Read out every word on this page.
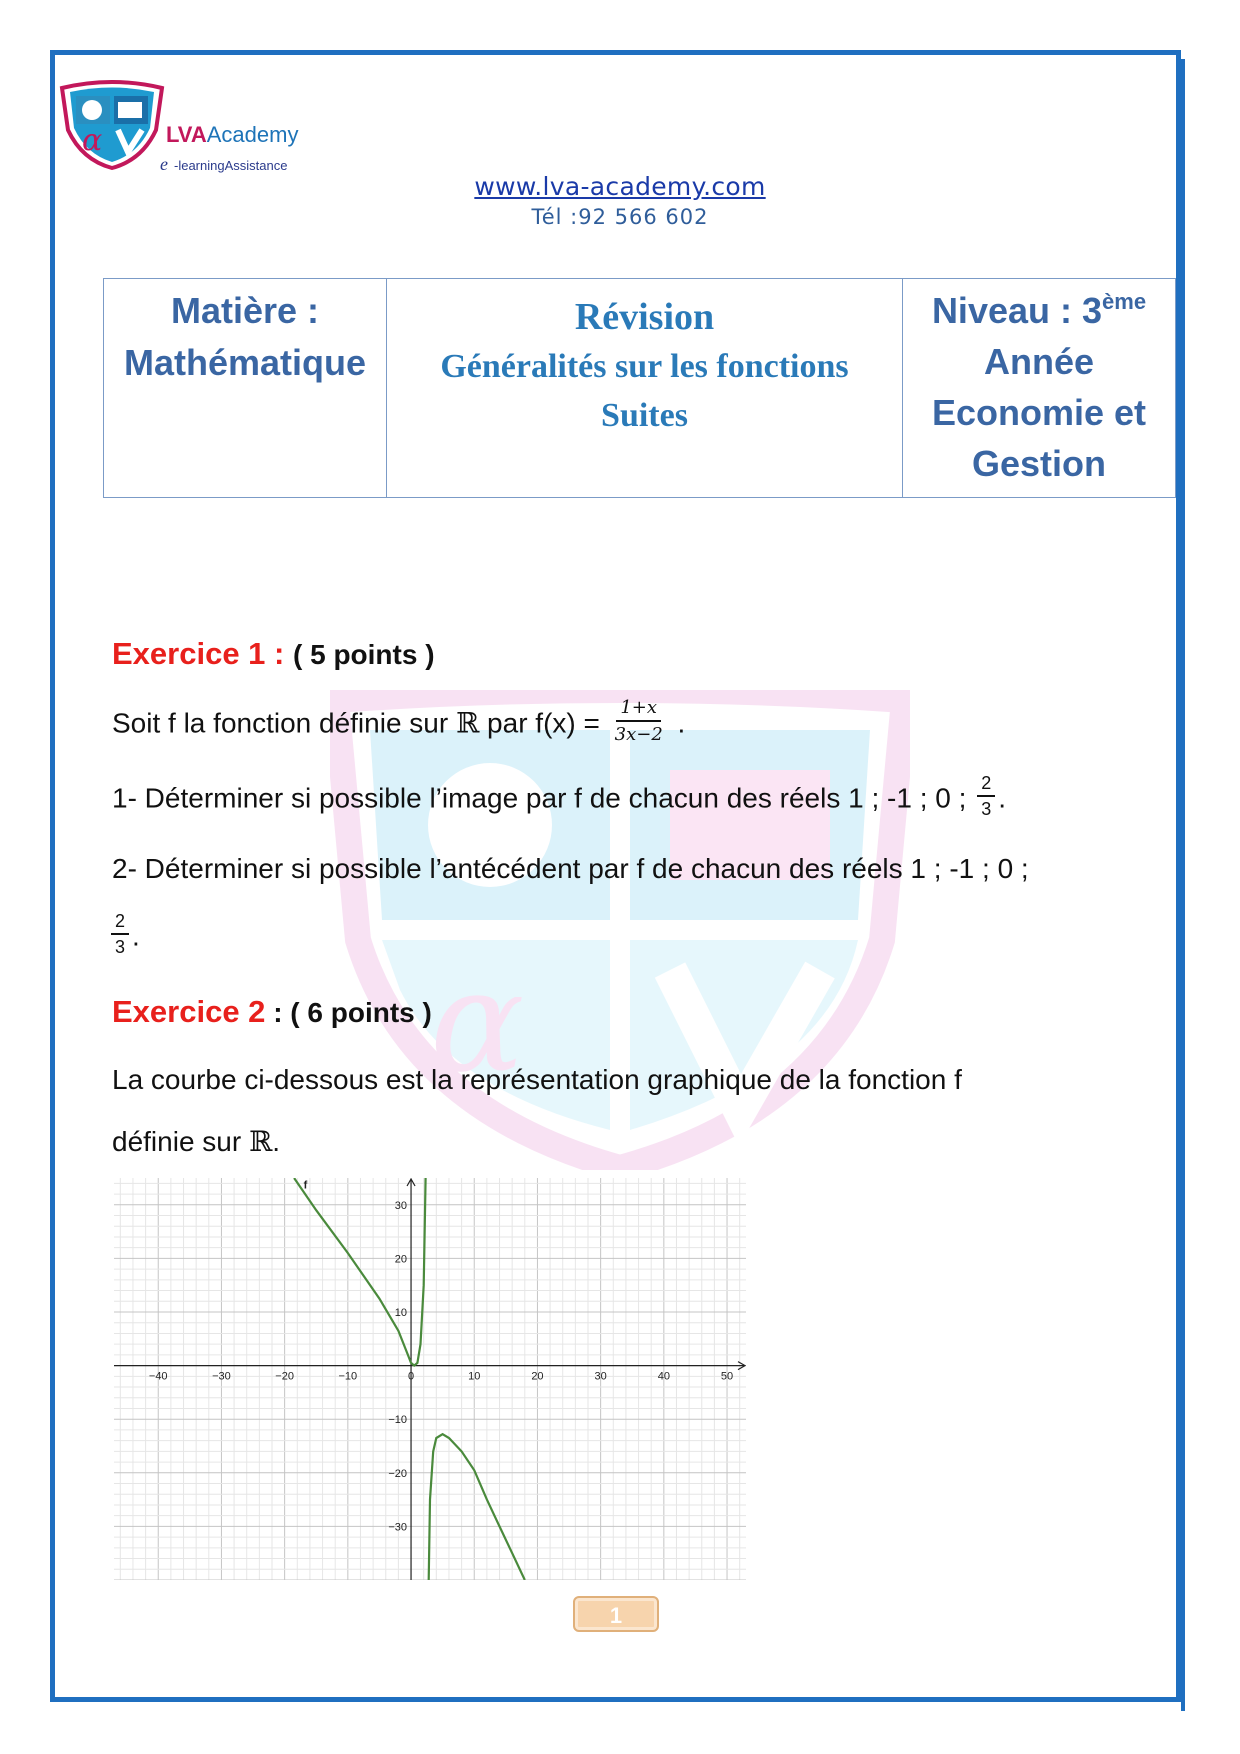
α	LVAAcademy
e -learningAssistance
www.lva-academy.com
Tél :92 566 602
Matière :
Mathématique

Révision
Généralités sur les fonctions
Suites

Niveau : 3ème
Année
Economie et
Gestion
α
Exercice 1 : ( 5 points )
Soit f la fonction définie sur ℝ par $f(x) = \frac{1+x}{3x-2}$ .
1- Déterminer si possible l’image par f de chacun des réels 1 ; -1 ; 0 ; $\frac{2}{3}$ .
2- Déterminer si possible l’antécédent par f de chacun des réels 1 ; -1 ; 0 ;
$\frac{2}{3}$ .
Exercice 2 : ( 6 points )
La courbe ci-dessous est la représentation graphique de la fonction f
définie sur ℝ.
−40	−30	−20	−10	0	10	20	30	40	50
−30
−20
−10
10
20
30
f
1
